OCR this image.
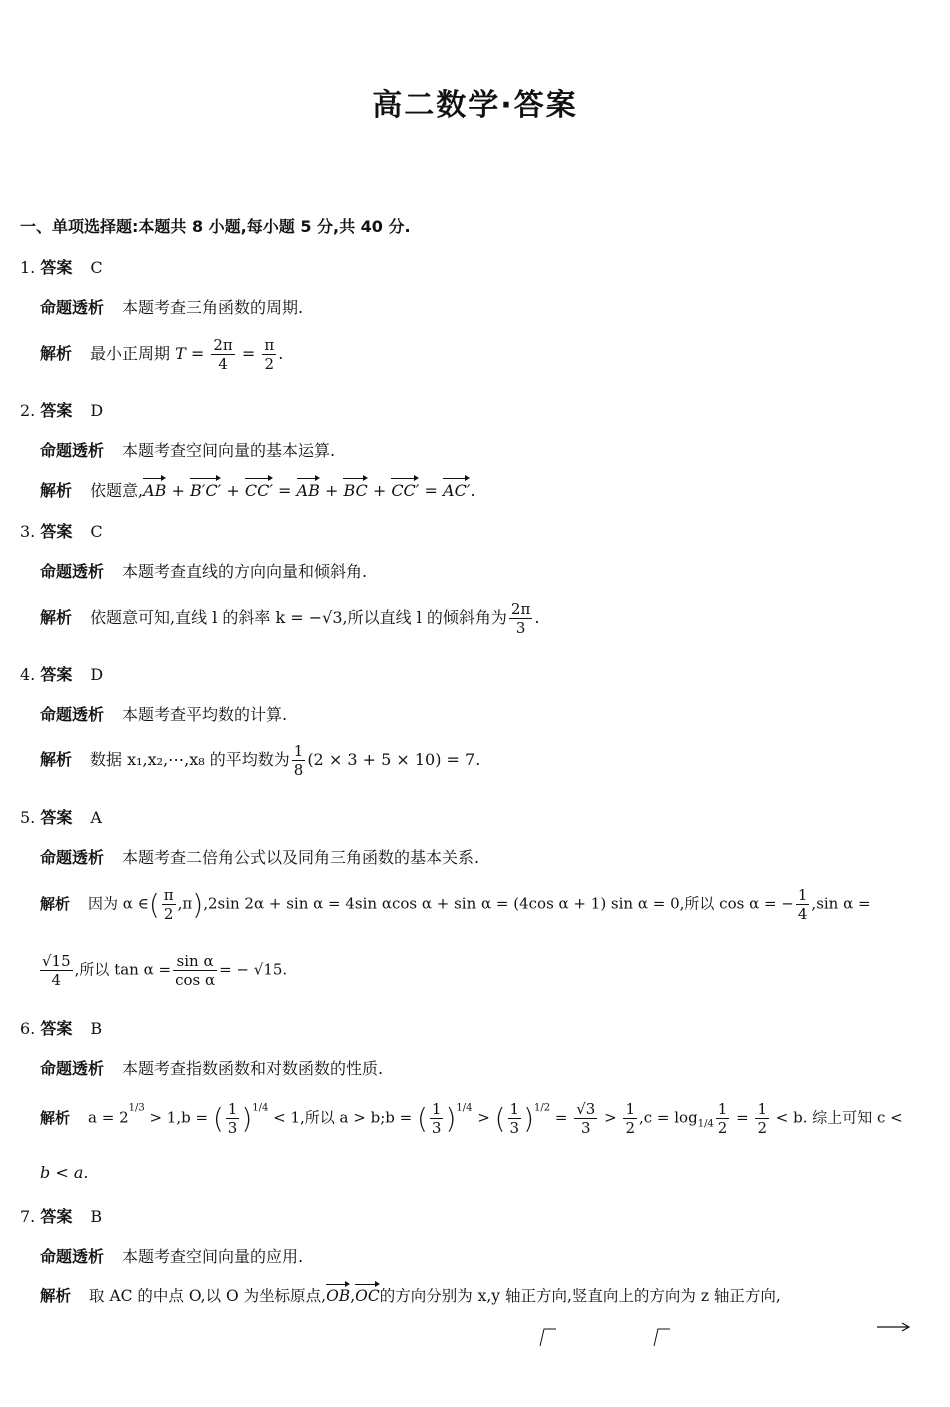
高二数学·答案
一、单项选择题:本题共 8 小题,每小题 5 分,共 40 分.
1. 答案 C
命题透析 本题考查三角函数的周期.
解析 最小正周期 $T = \frac{2\pi}{4} = \frac{\pi}{2}$ .
2. 答案 D
命题透析 本题考查空间向量的基本运算.
解析 依题意,AB + B′C′ + CC′ = AB + BC + CC′ = AC′.
3. 答案 C
命题透析 本题考查直线的方向向量和倾斜角.
解析 依题意可知,直线 l 的斜率 k = −√3,所以直线 l 的倾斜角为 $\frac{2\pi}{3}$ .
4. 答案 D
命题透析 本题考查平均数的计算.
解析 数据 x₁,x₂,⋯,x₈ 的平均数为 $\frac{1}{8} (2 \times 3 + 5 \times 10) = 7$.
5. 答案 A
命题透析 本题考查二倍角公式以及同角三角函数的基本关系.
解析 因为 α ∈( $\frac{\pi}{2} ,\pi),2\sin$ 2α + sin α = 4sin αcos α + sin α = (4cos α + 1) sin α = 0,所以 cos α = − $\frac{1}{4} ,\sin$ α =
$\frac{√15}{4}$ ,所以 $\tan \alpha = \frac{\text{sin α}}{\text{cos α}}$ = − √15.
6. 答案 B
命题透析 本题考查指数函数和对数函数的性质.
解析 $a = 2^{1/3} > 1,b$ = ( $\frac{1}{3} )^{1/4} < 1$,所以 a > b;b = ( $\frac{1}{3} )^{1/4}$ > ( $\frac{1}{3} )^{1/2} = \frac{√3}{3} > \frac{1}{2} ,c = \log_{1/4} \frac{1}{2} = \frac{1}{2} < b$. 综上可知 c <
b < a.
7. 答案 B
命题透析 本题考查空间向量的应用.
解析 取 AC 的中点 O,以 O 为坐标原点,OB,OC的方向分别为 x,y 轴正方向,竖直向上的方向为 z 轴正方向,
